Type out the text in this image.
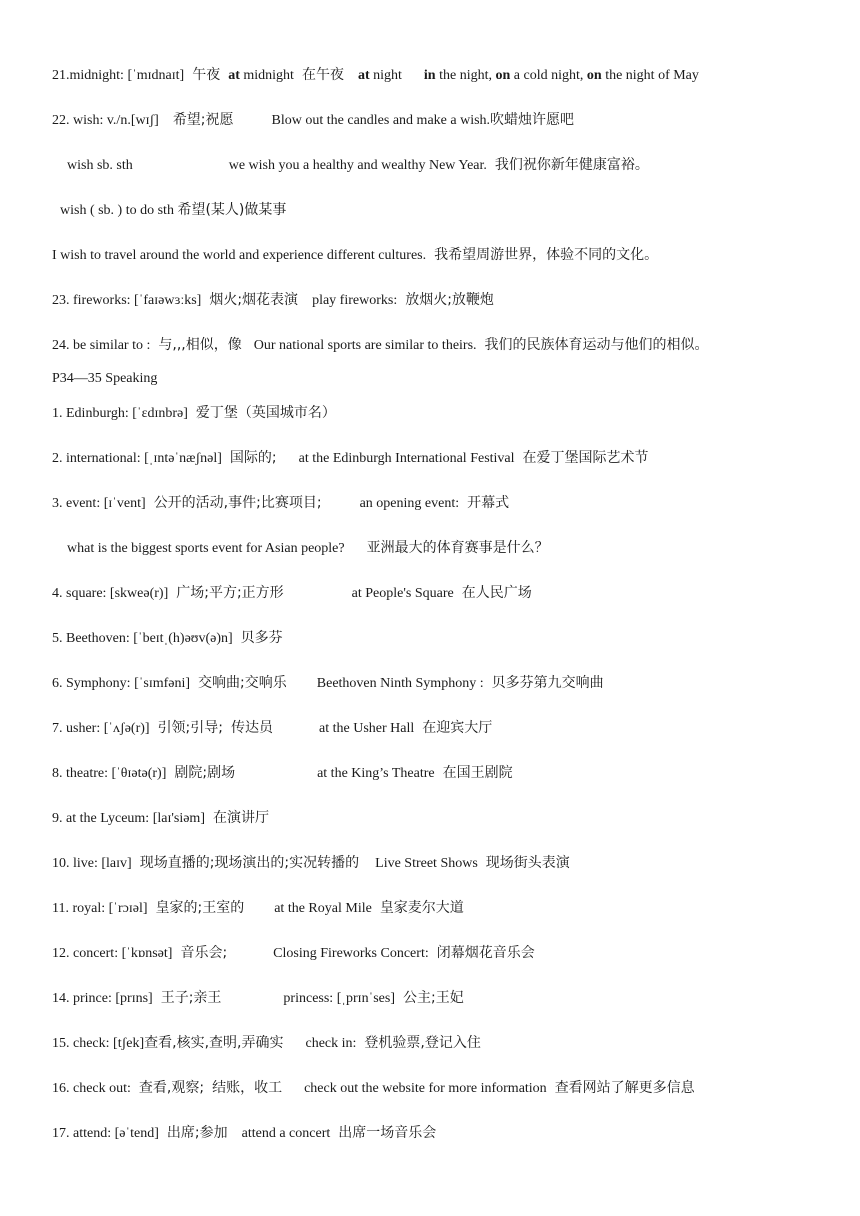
21.midnight: [ˈmɪdnaɪt] 午夜 at midnight 在午夜 at night in the night, on a cold night, on the night of May
22. wish: v./n.[wɪʃ] 希望;祝愿	Blow out the candles and make a wish.吹蜡烛许愿吧
wish sb. sth	we wish you a healthy and wealthy New Year. 我们祝你新年健康富裕。
wish ( sb. ) to do sth 希望(某人)做某事
I wish to travel around the world and experience different cultures. 我希望周游世界，体验不同的文化。
23. fireworks: [ˈfaɪəwɜːks] 烟火;烟花表演 play fireworks: 放烟火;放鞭炮
24. be similar to : 与,,,相似，像 Our national sports are similar to theirs. 我们的民族体育运动与他们的相似。
P34—35 Speaking
1. Edinburgh: [ˈɛdɪnbrə] 爱丁堡（英国城市名）
2. international: [ˌɪntəˈnæʃnəl] 国际的; at the Edinburgh International Festival 在爱丁堡国际艺术节
3. event: [ɪˈvent] 公开的活动,事件;比赛项目;	an opening event: 开幕式
what is the biggest sports event for Asian people? 亚洲最大的体育赛事是什么？
4. square: [skweə(r)] 广场;平方;正方形	at People's Square 在人民广场
5. Beethoven: [ˈbeɪtˌ(h)əʊv(ə)n] 贝多芬
6. Symphony: [ˈsɪmfəni] 交响曲;交响乐 Beethoven Ninth Symphony : 贝多芬第九交响曲
7. usher: [ˈʌʃə(r)] 引领;引导; 传达员	at the Usher Hall 在迎宾大厅
8. theatre: [ˈθɪətə(r)] 剧院;剧场	at the King’s Theatre 在国王剧院
9. at the Lyceum: [laɪ'siəm] 在演讲厅
10. live: [laɪv] 现场直播的;现场演出的;实况转播的 Live Street Shows 现场街头表演
11. royal: [ˈrɔɪəl] 皇家的;王室的 at the Royal Mile 皇家麦尔大道
12. concert: [ˈkɒnsət] 音乐会;	Closing Fireworks Concert: 闭幕烟花音乐会
14. prince: [prɪns] 王子;亲王	princess: [ˌprɪnˈses] 公主;王妃
15. check: [tʃek]查看,核实,查明,弄确实 check in: 登机验票,登记入住
16. check out: 查看,观察; 结账，收工 check out the website for more information 查看网站了解更多信息
17. attend: [əˈtend] 出席;参加 attend a concert 出席一场音乐会
